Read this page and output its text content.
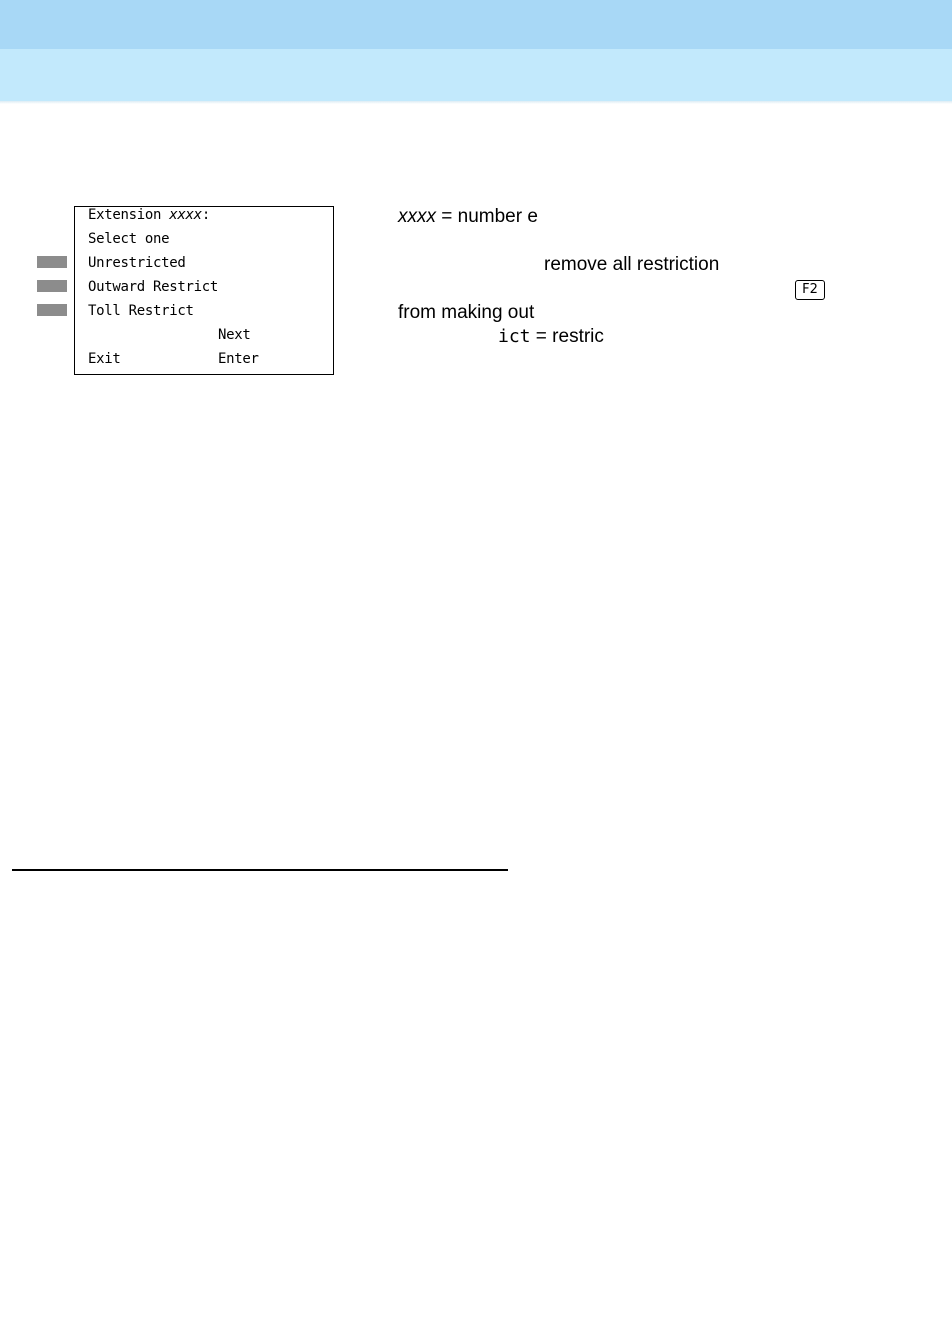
Extension xxxx:
Select one
Unrestricted
Outward Restrict
Toll Restrict
Next
Exit	Enter
xxxx = number e
remove all restriction
F2
from making out
ict = restric
